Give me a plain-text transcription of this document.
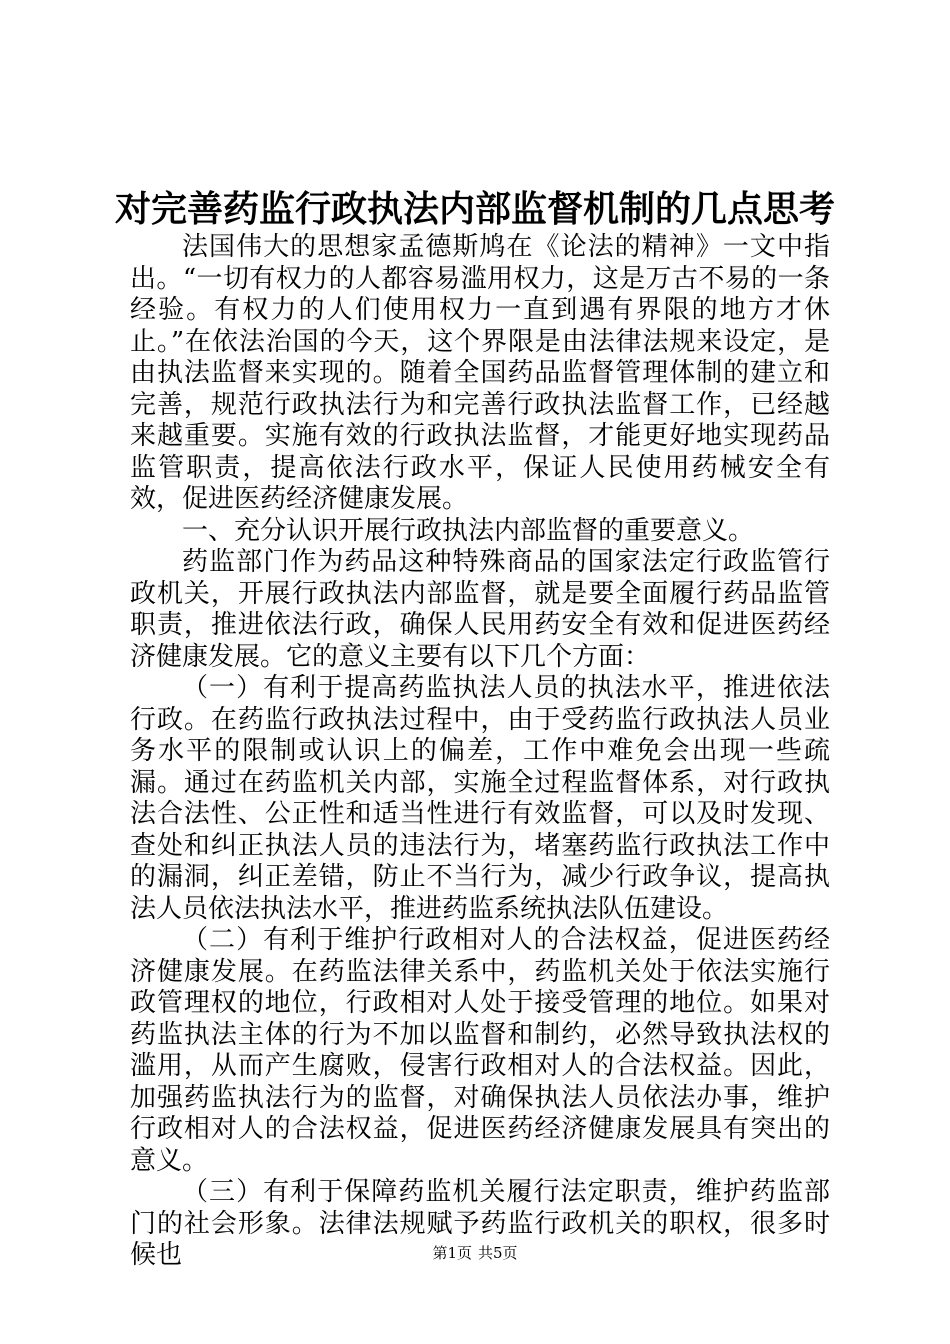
对完善药监行政执法内部监督机制的几点思考

法国伟大的思想家孟德斯鸠在《论法的精神》一文中指出。“一切有权力的人都容易滥用权力，这是万古不易的一条经验。有权力的人们使用权力一直到遇有界限的地方才休止。”在依法治国的今天，这个界限是由法律法规来设定，是由执法监督来实现的。随着全国药品监督管理体制的建立和完善，规范行政执法行为和完善行政执法监督工作，已经越来越重要。实施有效的行政执法监督，才能更好地实现药品监管职责，提高依法行政水平，保证人民使用药械安全有效，促进医药经济健康发展。

一、充分认识开展行政执法内部监督的重要意义。

药监部门作为药品这种特殊商品的国家法定行政监管行政机关，开展行政执法内部监督，就是要全面履行药品监管职责，推进依法行政，确保人民用药安全有效和促进医药经济健康发展。它的意义主要有以下几个方面：

（一）有利于提高药监执法人员的执法水平，推进依法行政。在药监行政执法过程中，由于受药监行政执法人员业务水平的限制或认识上的偏差，工作中难免会出现一些疏漏。通过在药监机关内部，实施全过程监督体系，对行政执法合法性、公正性和适当性进行有效监督，可以及时发现、查处和纠正执法人员的违法行为，堵塞药监行政执法工作中的漏洞，纠正差错，防止不当行为，减少行政争议，提高执法人员依法执法水平，推进药监系统执法队伍建设。

（二）有利于维护行政相对人的合法权益，促进医药经济健康发展。在药监法律关系中，药监机关处于依法实施行政管理权的地位，行政相对人处于接受管理的地位。如果对药监执法主体的行为不加以监督和制约，必然导致执法权的滥用，从而产生腐败，侵害行政相对人的合法权益。因此，加强药监执法行为的监督，对确保执法人员依法办事，维护行政相对人的合法权益，促进医药经济健康发展具有突出的意义。

（三）有利于保障药监机关履行法定职责，维护药监部门的社会形象。法律法规赋予药监行政机关的职权，很多时候也	第1页 共5页
